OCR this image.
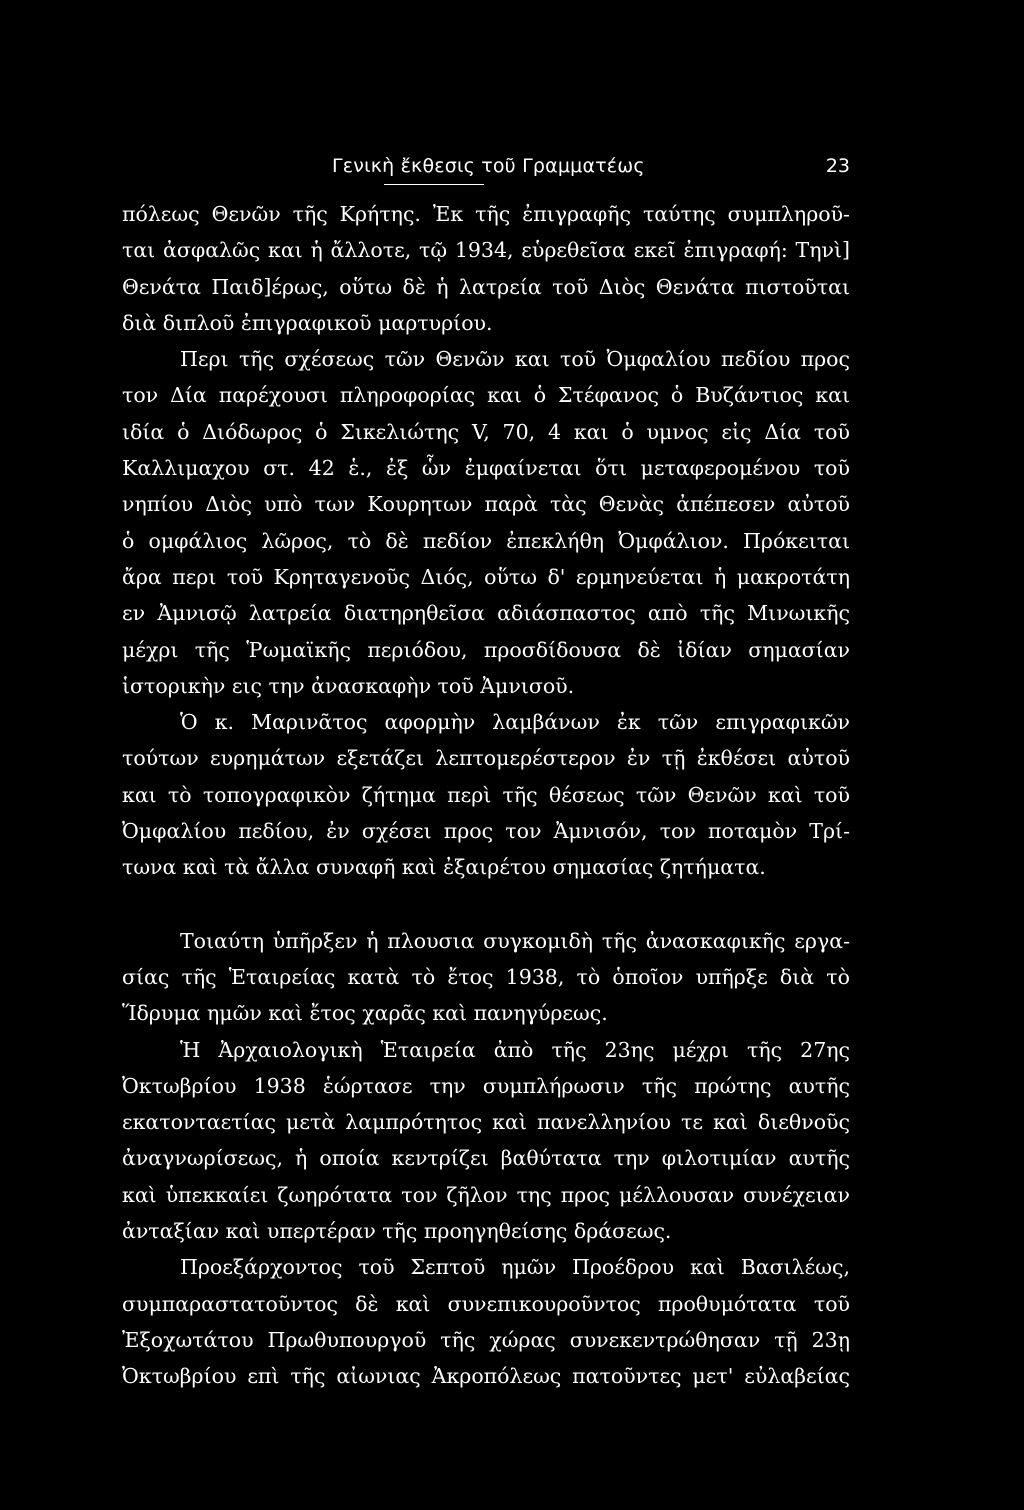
Γενικὴ ἔκθεσις τοῦ Γραμματέως	23
πόλεως Θενῶν τῆς Κρήτης. Ἐκ τῆς ἐπιγραφῆς ταύτης συμπληροῦ-
ται ἀσφαλῶς και ἡ ἄλλοτε, τῷ 1934, εὑρεθεῖσα εκεῖ ἐπιγραφή: Τηνὶ]
Θενάτα Παιδ]έρως, οὕτω δὲ ἡ λατρεία τοῦ Διὸς Θενάτα πιστοῦται
διὰ διπλοῦ ἐπιγραφικοῦ μαρτυρίου.
Περι τῆς σχέσεως τῶν Θενῶν και τοῦ Ὀμφαλίου πεδίου προς
τον Δία παρέχουσι πληροφορίας και ὁ Στέφανος ὁ Βυζάντιος και
ιδία ὁ Διόδωρος ὁ Σικελιώτης V, 70, 4 και ὁ υμνος εἰς Δία τοῦ
Καλλιμαχου στ. 42 ἑ., ἐξ ὧν ἐμφαίνεται ὅτι μεταφερομένου τοῦ
νηπίου Διὸς υπὸ των Κουρητων παρὰ τὰς Θενὰς ἀπέπεσεν αὐτοῦ
ὁ ομφάλιος λῶρος, τὸ δὲ πεδίον ἐπεκλήθη Ὀμφάλιον. Πρόκειται
ἄρα περι τοῦ Κρηταγενοῦς Διός, οὕτω δ' ερμηνεύεται ἡ μακροτάτη
εν Ἀμνισῷ λατρεία διατηρηθεῖσα αδιάσπαστος απὸ τῆς Μινωικῆς
μέχρι τῆς Ῥωμαϊκῆς περιόδου, προσδίδουσα δὲ ἰδίαν σημασίαν
ἱστορικὴν εις την ἀνασκαφὴν τοῦ Ἀμνισοῦ.
Ὁ κ. Μαρινᾶτος αφορμὴν λαμβάνων ἐκ τῶν επιγραφικῶν
τούτων ευρημάτων εξετάζει λεπτομερέστερον ἐν τῇ ἐκθέσει αὐτοῦ
και τὸ τοπογραφικὸν ζήτημα περὶ τῆς θέσεως τῶν Θενῶν καὶ τοῦ
Ὀμφαλίου πεδίου, ἐν σχέσει προς τον Ἀμνισόν, τον ποταμὸν Τρί-
τωνα καὶ τὰ ἄλλα συναφῆ καὶ ἐξαιρέτου σημασίας ζητήματα.
Τοιαύτη ὑπῆρξεν ἡ πλουσια συγκομιδὴ τῆς ἀνασκαφικῆς εργα-
σίας τῆς Ἑταιρείας κατὰ τὸ ἔτος 1938, τὸ ὁποῖον υπῆρξε διὰ τὸ
Ἵδρυμα ημῶν καὶ ἔτος χαρᾶς καὶ πανηγύρεως.
Ἡ Ἀρχαιολογικὴ Ἑταιρεία ἀπὸ τῆς 23ης μέχρι τῆς 27ης
Ὀκτωβρίου 1938 ἑώρτασε την συμπλήρωσιν τῆς πρώτης αυτῆς
εκατονταετίας μετὰ λαμπρότητος καὶ πανελληνίου τε καὶ διεθνοῦς
ἀναγνωρίσεως, ἡ οποία κεντρίζει βαθύτατα την φιλοτιμίαν αυτῆς
καὶ ὑπεκκαίει ζωηρότατα τον ζῆλον της προς μέλλουσαν συνέχειαν
ἀνταξίαν καὶ υπερτέραν τῆς προηγηθείσης δράσεως.
Προεξάρχοντος τοῦ Σεπτοῦ ημῶν Προέδρου καὶ Βασιλέως,
συμπαραστατοῦντος δὲ καὶ συνεπικουροῦντος προθυμότατα τοῦ
Ἐξοχωτάτου Πρωθυπουργοῦ τῆς χώρας συνεκεντρώθησαν τῇ 23ῃ
Ὀκτωβρίου επὶ τῆς αἰωνιας Ἀκροπόλεως πατοῦντες μετ' εὐλαβείας
